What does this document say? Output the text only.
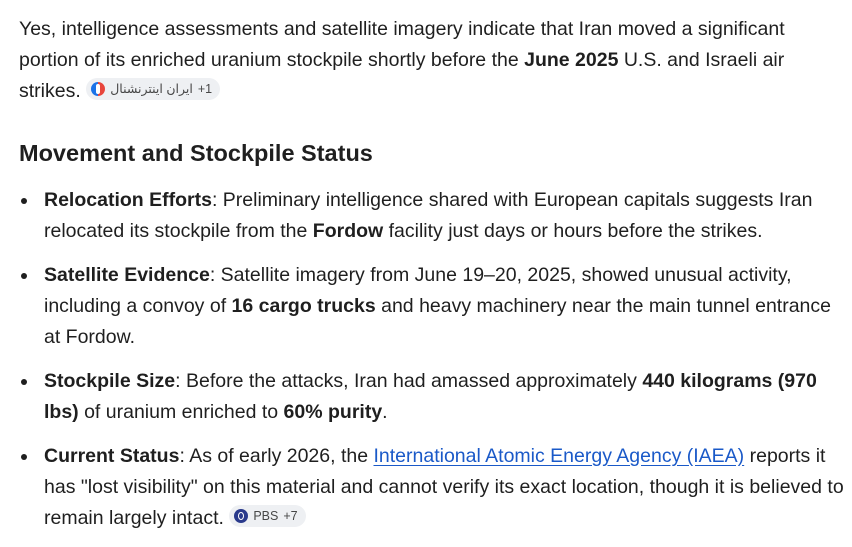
Yes, intelligence assessments and satellite imagery indicate that Iran moved a significant portion of its enriched uranium stockpile shortly before the June 2025 U.S. and Israeli air strikes. ایران اینترنشنال +1

Movement and Stockpile Status
Relocation Efforts: Preliminary intelligence shared with European capitals suggests Iran relocated its stockpile from the Fordow facility just days or hours before the strikes.
Satellite Evidence: Satellite imagery from June 19–20, 2025, showed unusual activity, including a convoy of 16 cargo trucks and heavy machinery near the main tunnel entrance at Fordow.
Stockpile Size: Before the attacks, Iran had amassed approximately 440 kilograms (970 lbs) of uranium enriched to 60% purity.
Current Status: As of early 2026, the International Atomic Energy Agency (IAEA) reports it has "lost visibility" on this material and cannot verify its exact location, though it is believed to remain largely intact. PBS +7
